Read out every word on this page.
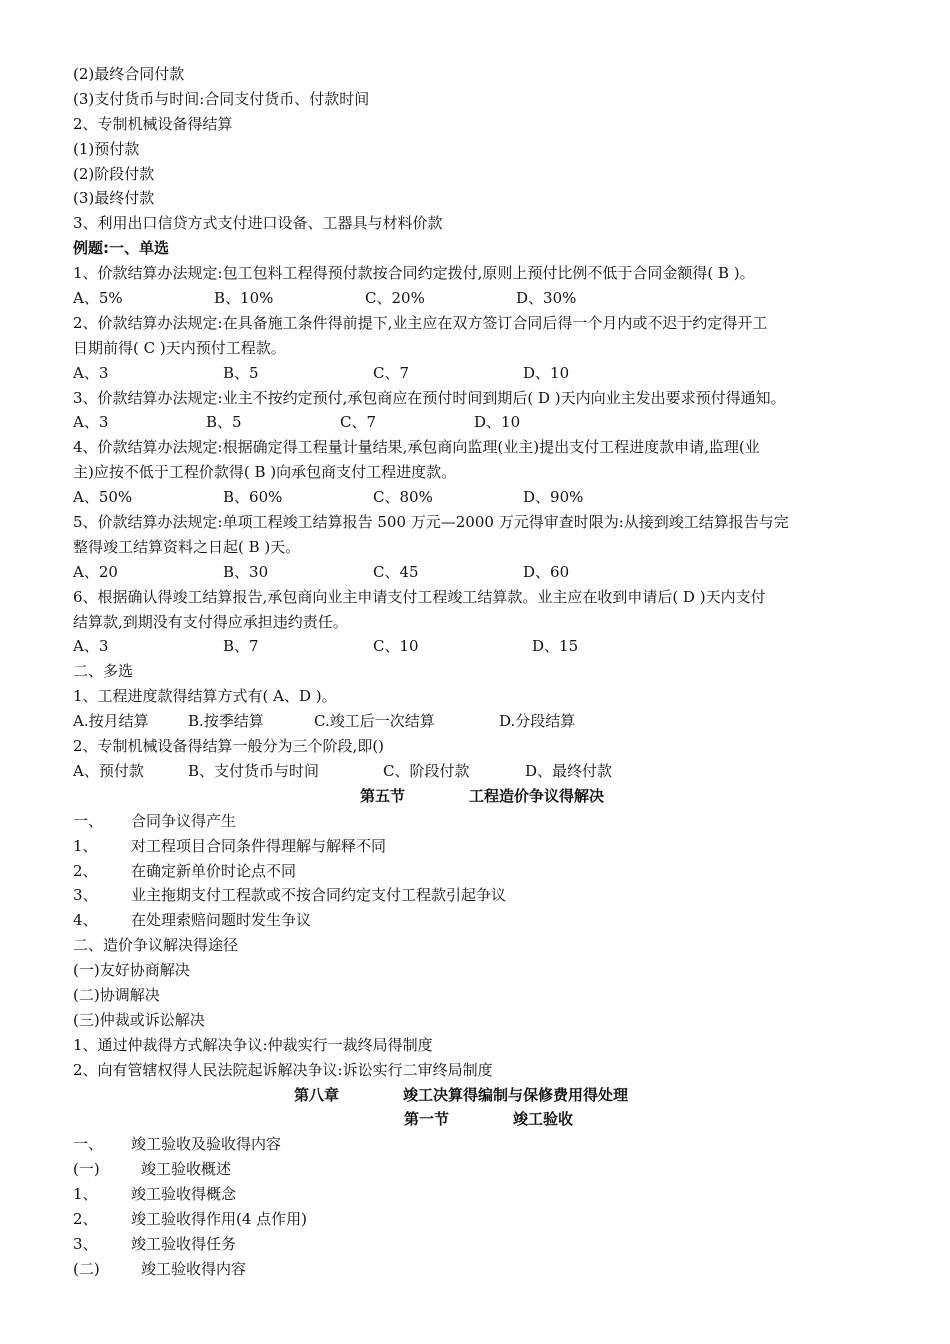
(2)最终合同付款
(3)支付货币与时间:合同支付货币、付款时间
2、专制机械设备得结算
(1)预付款
(2)阶段付款
(3)最终付款
3、利用出口信贷方式支付进口设备、工器具与材料价款
例题:一、单选
1、价款结算办法规定:包工包料工程得预付款按合同约定拨付,原则上预付比例不低于合同金额得( B )。
A、5%	B、10%	C、20%	D、30%
2、价款结算办法规定:在具备施工条件得前提下,业主应在双方签订合同后得一个月内或不迟于约定得开工
日期前得( C )天内预付工程款。
A、3	B、5	C、7	D、10
3、价款结算办法规定:业主不按约定预付,承包商应在预付时间到期后( D )天内向业主发出要求预付得通知。
A、3	B、5	C、7	D、10
4、价款结算办法规定:根据确定得工程量计量结果,承包商向监理(业主)提出支付工程进度款申请,监理(业
主)应按不低于工程价款得( B )向承包商支付工程进度款。
A、50%	B、60%	C、80%	D、90%
5、价款结算办法规定:单项工程竣工结算报告 500 万元—2000 万元得审查时限为:从接到竣工结算报告与完
整得竣工结算资料之日起( B )天。
A、20	B、30	C、45	D、60
6、根据确认得竣工结算报告,承包商向业主申请支付工程竣工结算款。业主应在收到申请后( D )天内支付
结算款,到期没有支付得应承担违约责任。
A、3	B、7	C、10	D、15
二、多选
1、工程进度款得结算方式有( A、D )。
A.按月结算	B.按季结算	C.竣工后一次结算	D.分段结算
2、专制机械设备得结算一般分为三个阶段,即()
A、预付款	B、支付货币与时间	C、阶段付款	D、最终付款
第五节	工程造价争议得解决
一、 合同争议得产生
1、 对工程项目合同条件得理解与解释不同
2、 在确定新单价时论点不同
3、 业主拖期支付工程款或不按合同约定支付工程款引起争议
4、 在处理索赔问题时发生争议
二、造价争议解决得途径
(一)友好协商解决
(二)协调解决
(三)仲裁或诉讼解决
1、通过仲裁得方式解决争议:仲裁实行一裁终局得制度
2、向有管辖权得人民法院起诉解决争议:诉讼实行二审终局制度
第八章	竣工决算得编制与保修费用得处理
第一节	竣工验收
一、 竣工验收及验收得内容
(一)	竣工验收概述
1、 竣工验收得概念
2、 竣工验收得作用(4 点作用)
3、 竣工验收得任务
(二)	竣工验收得内容
